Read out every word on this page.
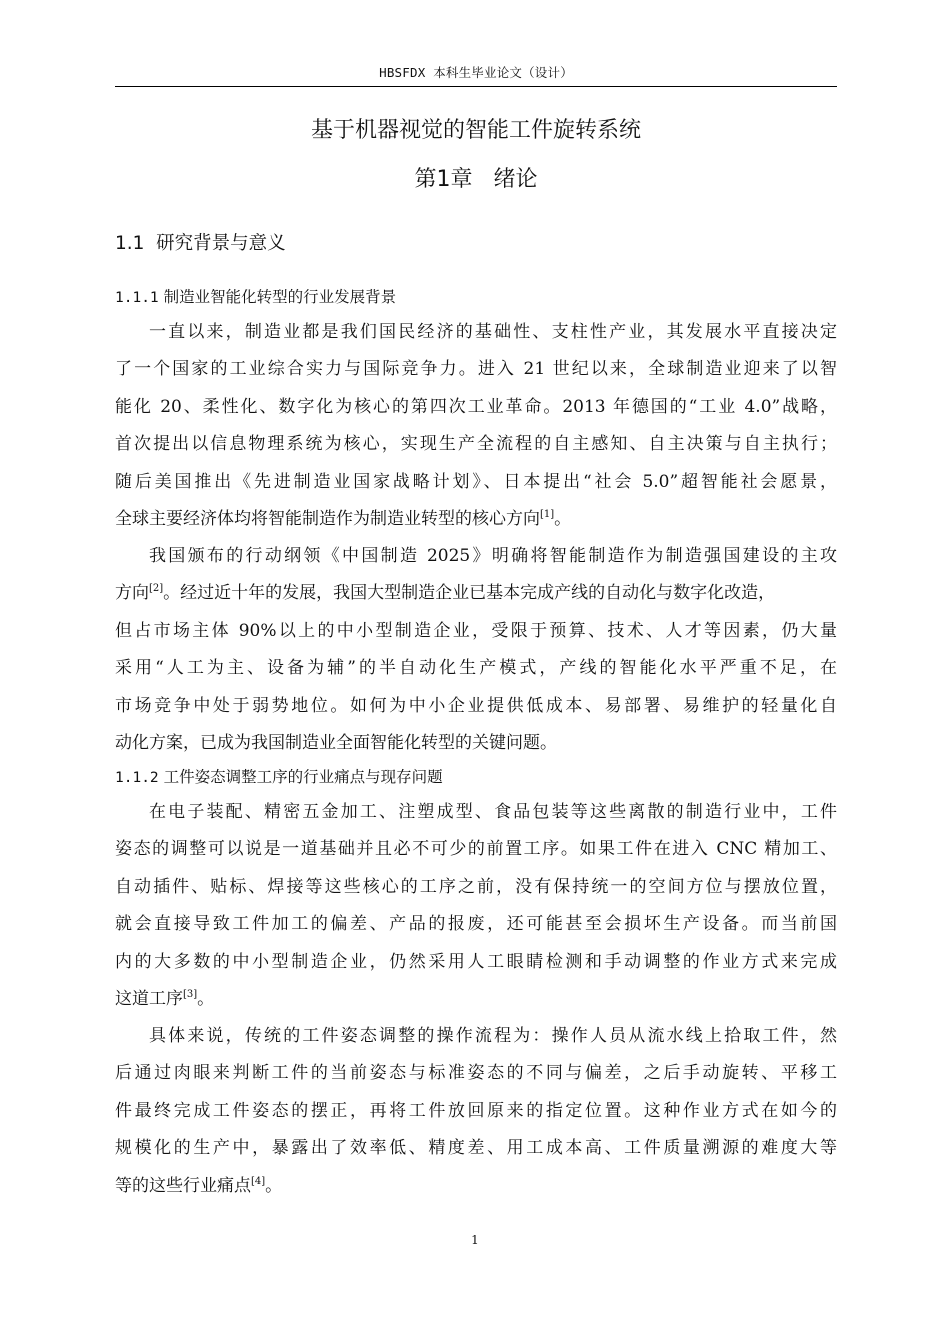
HBSFDX 本科生毕业论文（设计）
基于机器视觉的智能工件旋转系统
第1章   绪论
1.1  研究背景与意义
1.1.1 制造业智能化转型的行业发展背景
一直以来，制造业都是我们国民经济的基础性、支柱性产业，其发展水平直接决定
了一个国家的工业综合实力与国际竞争力。进入 21 世纪以来，全球制造业迎来了以智
能化 20、柔性化、数字化为核心的第四次工业革命。2013 年德国的“工业 4.0”战略，
首次提出以信息物理系统为核心，实现生产全流程的自主感知、自主决策与自主执行；
随后美国推出《先进制造业国家战略计划》、日本提出“社会 5.0”超智能社会愿景，
全球主要经济体均将智能制造作为制造业转型的核心方向[1]。
我国颁布的行动纲领《中国制造 2025》明确将智能制造作为制造强国建设的主攻
方向[2]。经过近十年的发展，我国大型制造企业已基本完成产线的自动化与数字化改造，
但占市场主体 90%以上的中小型制造企业，受限于预算、技术、人才等因素，仍大量
采用“人工为主、设备为辅”的半自动化生产模式，产线的智能化水平严重不足，在
市场竞争中处于弱势地位。如何为中小企业提供低成本、易部署、易维护的轻量化自
动化方案，已成为我国制造业全面智能化转型的关键问题。
1.1.2 工件姿态调整工序的行业痛点与现存问题
在电子装配、精密五金加工、注塑成型、食品包装等这些离散的制造行业中，工件
姿态的调整可以说是一道基础并且必不可少的前置工序。如果工件在进入 CNC 精加工、
自动插件、贴标、焊接等这些核心的工序之前，没有保持统一的空间方位与摆放位置，
就会直接导致工件加工的偏差、产品的报废，还可能甚至会损坏生产设备。而当前国
内的大多数的中小型制造企业，仍然采用人工眼睛检测和手动调整的作业方式来完成
这道工序[3]。
具体来说，传统的工件姿态调整的操作流程为：操作人员从流水线上拾取工件，然
后通过肉眼来判断工件的当前姿态与标准姿态的不同与偏差，之后手动旋转、平移工
件最终完成工件姿态的摆正，再将工件放回原来的指定位置。这种作业方式在如今的
规模化的生产中，暴露出了效率低、精度差、用工成本高、工件质量溯源的难度大等
等的这些行业痛点[4]。
1
